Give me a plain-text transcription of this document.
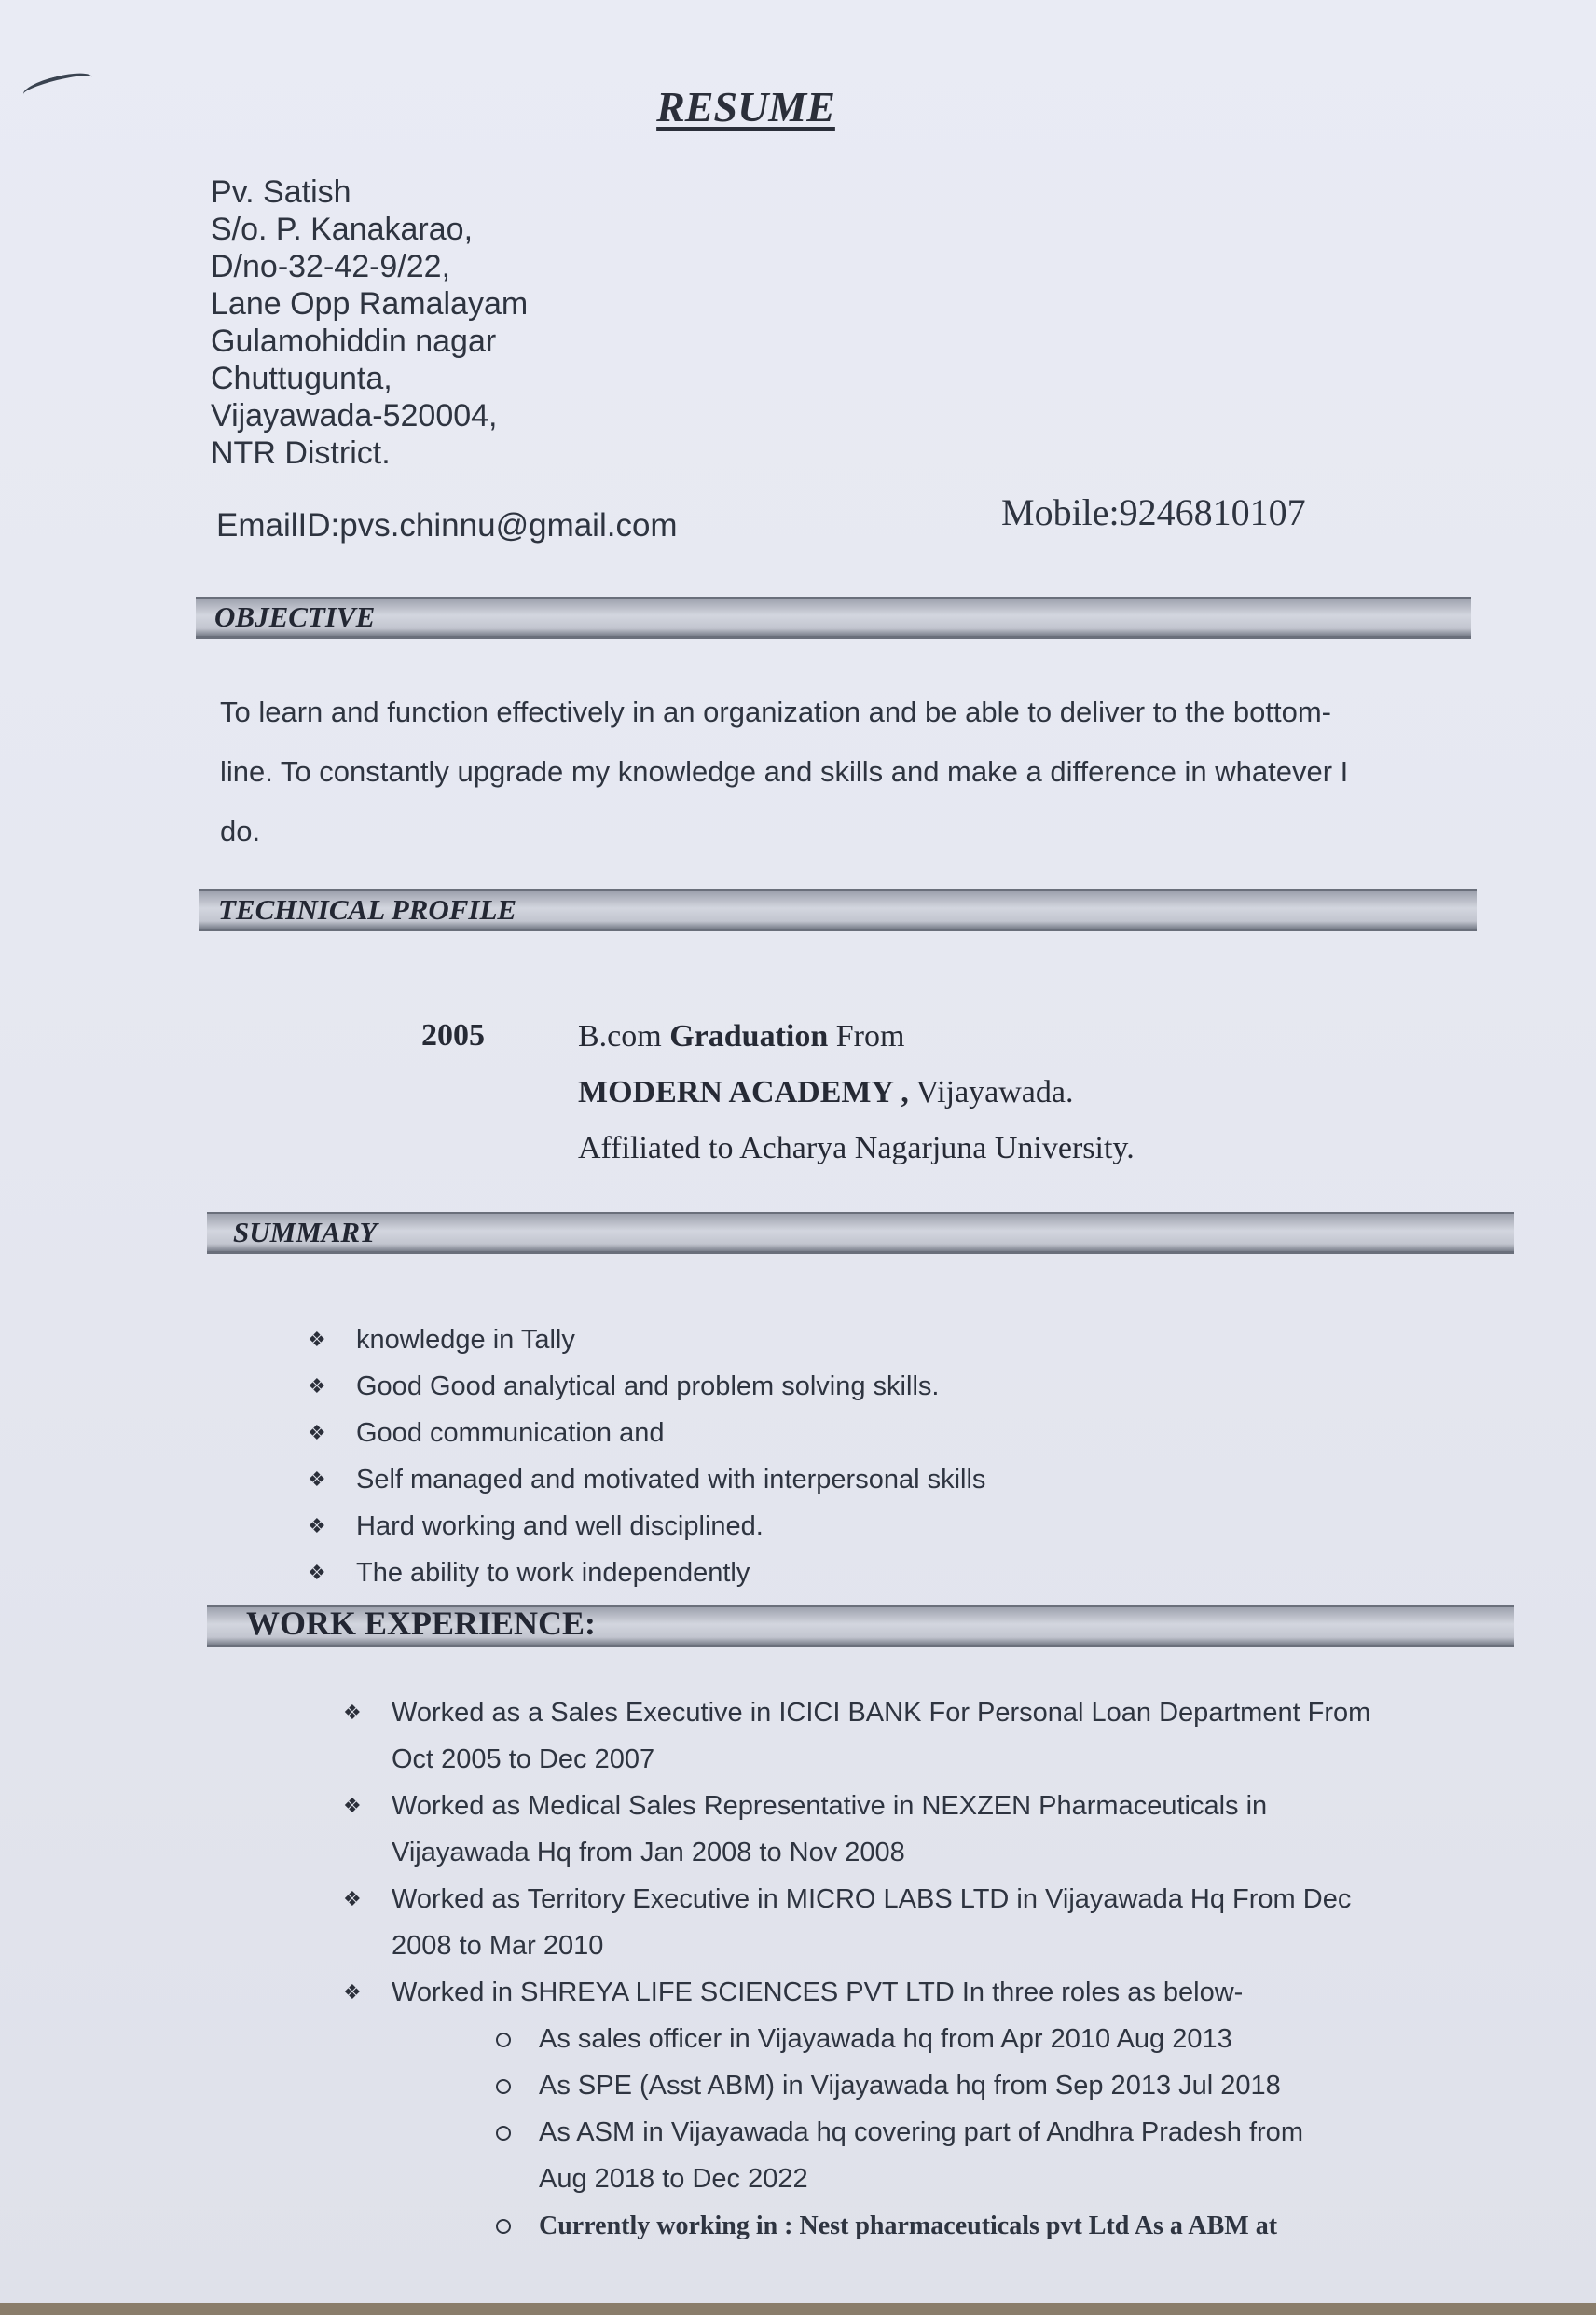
RESUME
Pv. Satish
S/o. P. Kanakarao,
D/no-32-42-9/22,
Lane Opp Ramalayam
Gulamohiddin nagar
Chuttugunta,
Vijayawada-520004,
NTR District.
EmailID:pvs.chinnu@gmail.com	Mobile:9246810107
OBJECTIVE
To learn and function effectively in an organization and be able to deliver to the bottom-line. To constantly upgrade my knowledge and skills and make a difference in whatever I do.
TECHNICAL PROFILE
2005	B.com Graduation From
MODERN ACADEMY , Vijayawada.
Affiliated to Acharya Nagarjuna University.
SUMMARY
❖ knowledge in Tally
❖ Good Good analytical and problem solving skills.
❖ Good communication and
❖ Self managed and motivated with interpersonal skills
❖ Hard working and well disciplined.
❖ The ability to work independently
WORK EXPERIENCE:
❖ Worked as a Sales Executive in ICICI BANK For Personal Loan Department From Oct 2005 to Dec 2007
❖ Worked as Medical Sales Representative in NEXZEN Pharmaceuticals in Vijayawada Hq from Jan 2008 to Nov 2008
❖ Worked as Territory Executive in MICRO LABS LTD in Vijayawada Hq From Dec 2008 to Mar 2010
❖ Worked in SHREYA LIFE SCIENCES PVT LTD In three roles as below-
As sales officer in Vijayawada hq from Apr 2010 Aug 2013
As SPE (Asst ABM) in Vijayawada hq from Sep 2013 Jul 2018
As ASM in Vijayawada hq covering part of Andhra Pradesh from Aug 2018 to Dec 2022
Currently working in : Nest pharmaceuticals pvt Ltd As a ABM at
